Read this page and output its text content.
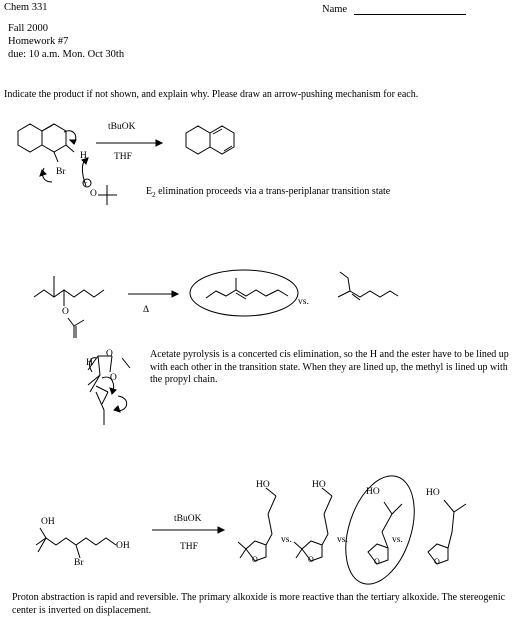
Chem 331	Name
Fall 2000
Homework #7
due: 10 a.m. Mon. Oct 30th
Indicate the product if not shown, and explain why. Please draw an arrow-pushing mechanism for each.
tBuOK
THF
H
Br
−
O	$E_2$ elimination proceeds via a trans-periplanar transition state
O	Δ
vs.
H
O
O
Acetate pyrolysis is a concerted cis elimination, so the H and the ester have to be lined up with each other in the transition state. When they are lined up, the methyl is lined up with the propyl chain.
OH
OH
Br
tBuOK
THF
HO
O
vs.
HO
O
vs.
HO
O
vs.
HO
O
Proton abstraction is rapid and reversible. The primary alkoxide is more reactive than the tertiary alkoxide. The stereogenic center is inverted on displacement.
